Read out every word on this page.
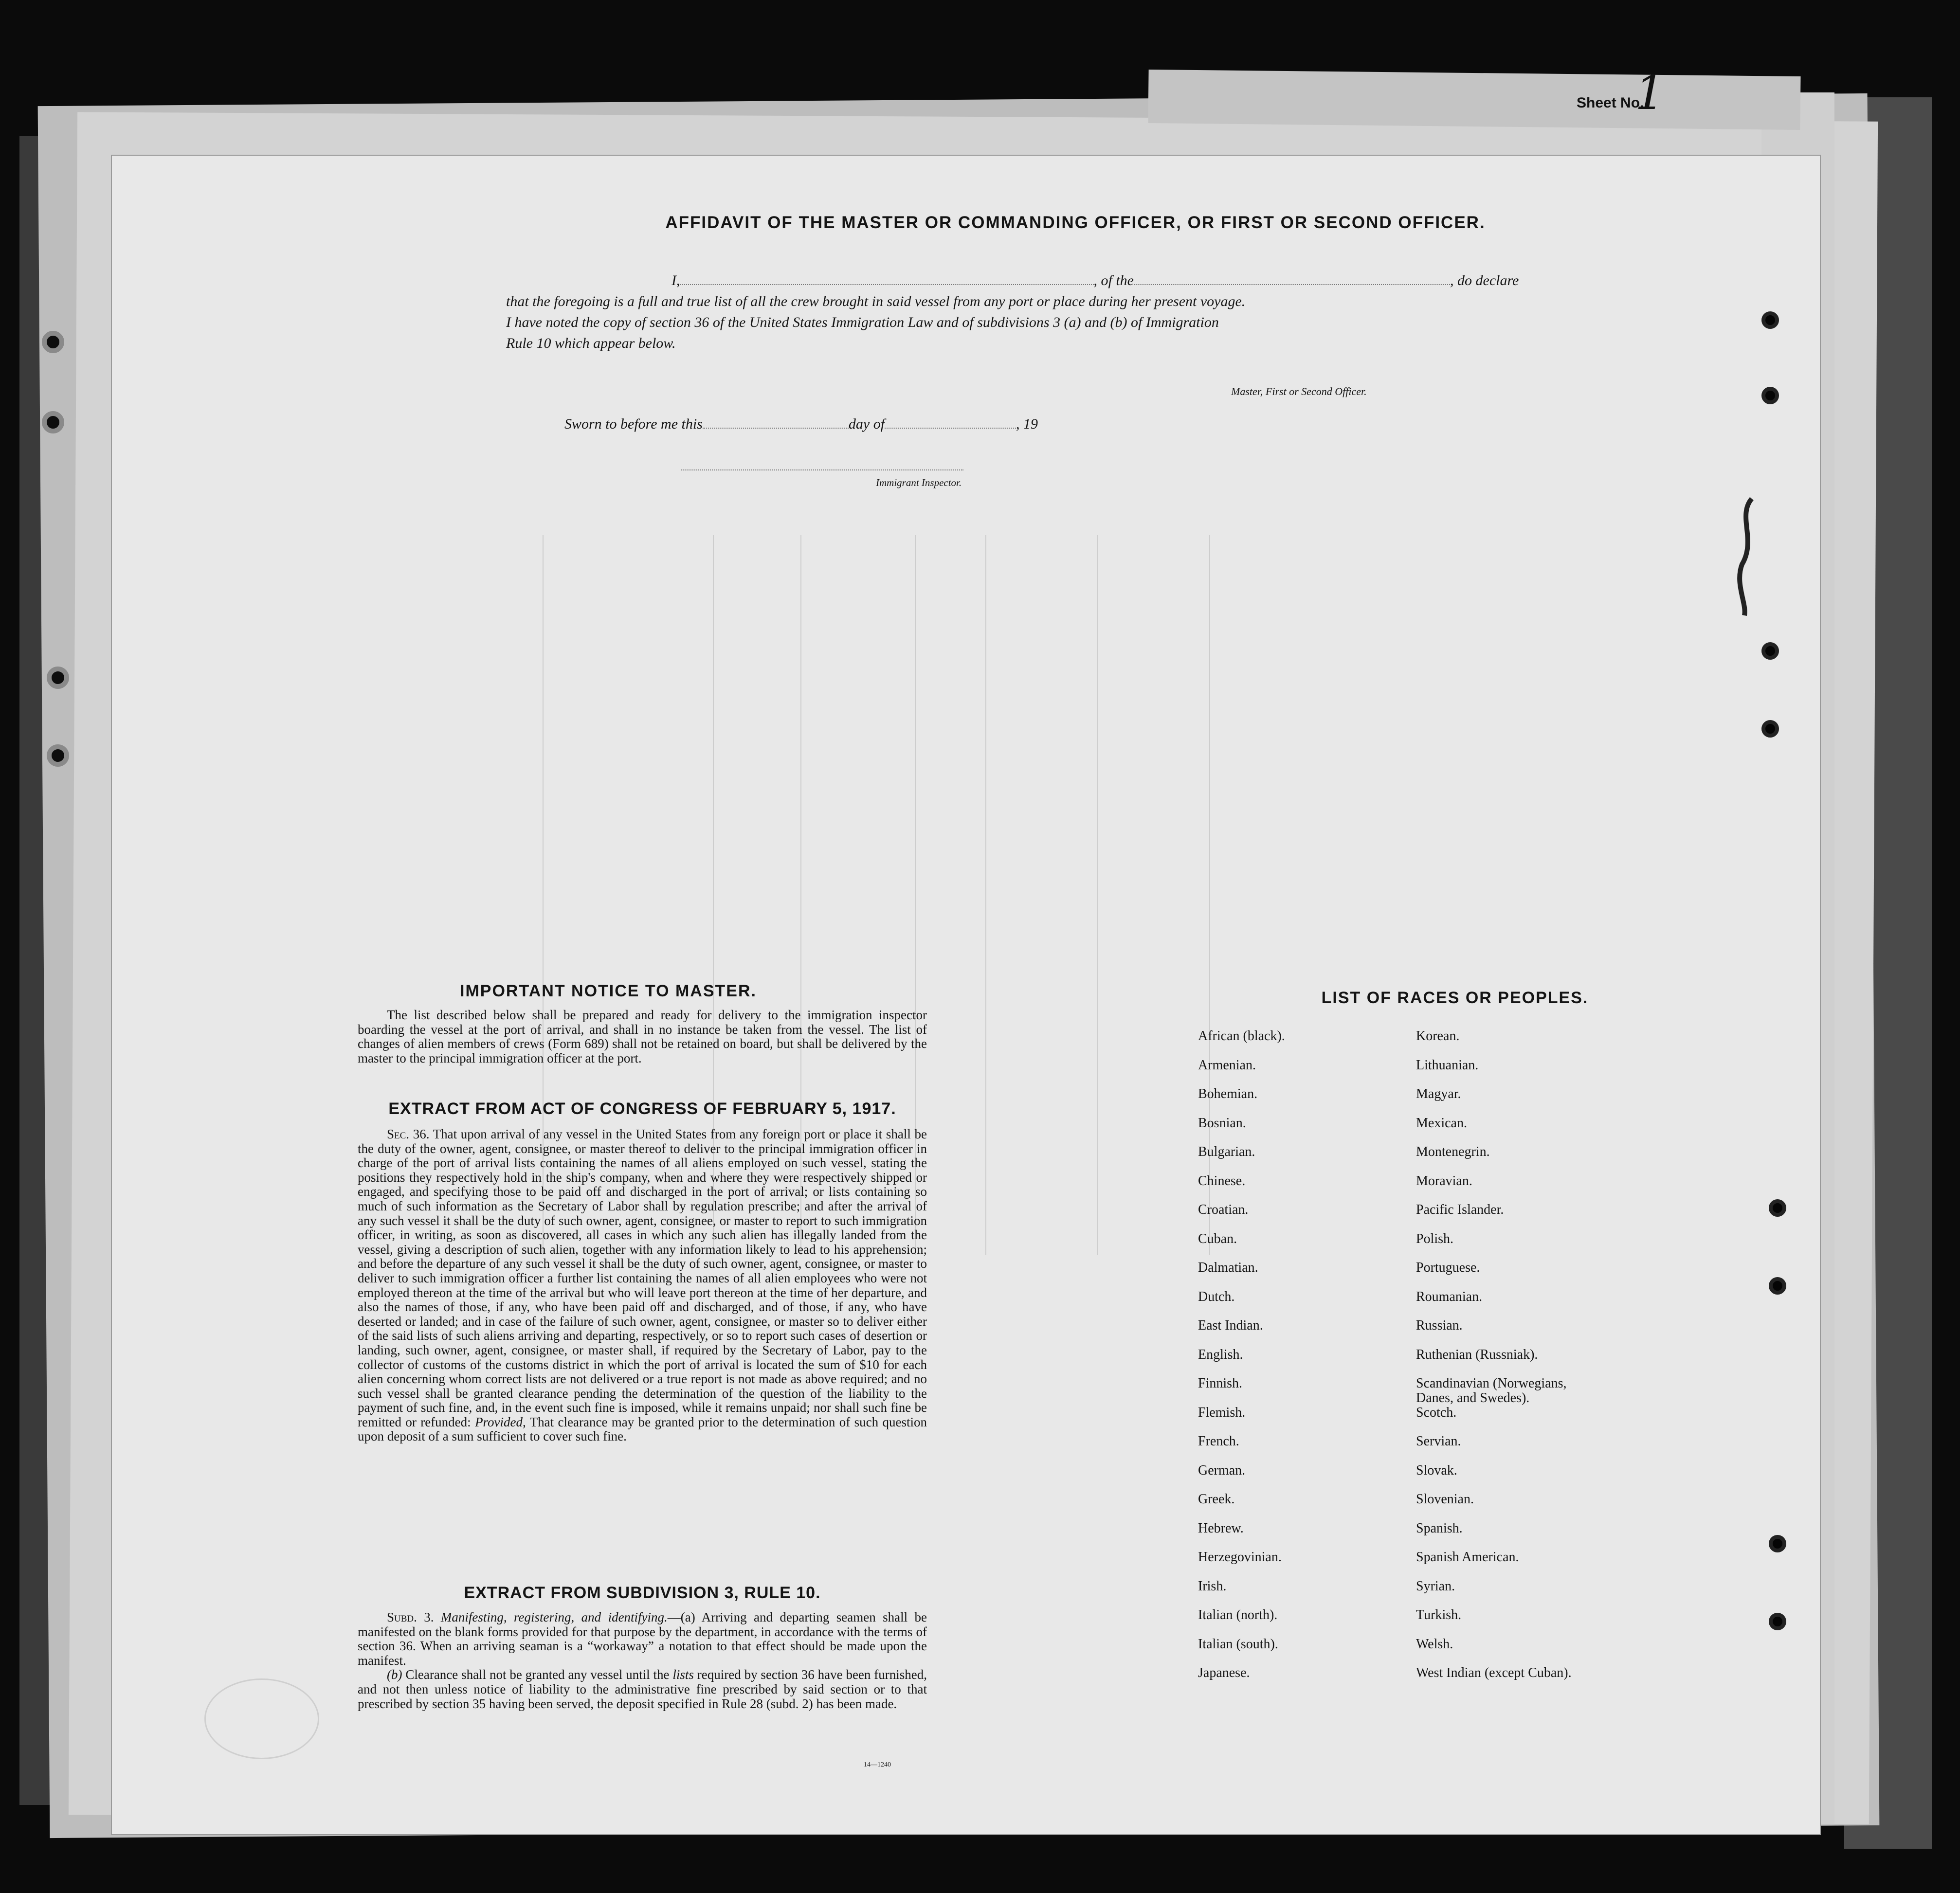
Sheet No.
1
AFFIDAVIT OF THE MASTER OR COMMANDING OFFICER, OR FIRST OR SECOND OFFICER.
I,	, of the	, do declare
that the foregoing is a full and true list of all the crew brought in said vessel from any port or place during her present voyage.
I have noted the copy of section 36 of the United States Immigration Law and of subdivisions 3 (a) and (b) of Immigration
Rule 10 which appear below.
Master, First or Second Officer.
Sworn to before me this	day of	, 19
Immigrant Inspector.
IMPORTANT NOTICE TO MASTER.

The list described below shall be prepared and ready for delivery to the immigration inspector boarding the vessel at the port of arrival, and shall in no instance be taken from the vessel. The list of changes of alien members of crews (Form 689) shall not be retained on board, but shall be delivered by the master to the principal immigration officer at the port.

EXTRACT FROM ACT OF CONGRESS OF FEBRUARY 5, 1917.

Sec. 36. That upon arrival of any vessel in the United States from any foreign port or place it shall be the duty of the owner, agent, consignee, or master thereof to deliver to the principal immigration officer in charge of the port of arrival lists containing the names of all aliens employed on such vessel, stating the positions they respectively hold in the ship's company, when and where they were respectively shipped or engaged, and specifying those to be paid off and discharged in the port of arrival; or lists containing so much of such information as the Secretary of Labor shall by regulation prescribe; and after the arrival of any such vessel it shall be the duty of such owner, agent, consignee, or master to report to such immigration officer, in writing, as soon as discovered, all cases in which any such alien has illegally landed from the vessel, giving a description of such alien, together with any information likely to lead to his apprehension; and before the departure of any such vessel it shall be the duty of such owner, agent, consignee, or master to deliver to such immigration officer a further list containing the names of all alien employees who were not employed thereon at the time of the arrival but who will leave port thereon at the time of her departure, and also the names of those, if any, who have been paid off and discharged, and of those, if any, who have deserted or landed; and in case of the failure of such owner, agent, consignee, or master so to deliver either of the said lists of such aliens arriving and departing, respectively, or so to report such cases of desertion or landing, such owner, agent, consignee, or master shall, if required by the Secretary of Labor, pay to the collector of customs of the customs district in which the port of arrival is located the sum of $10 for each alien concerning whom correct lists are not delivered or a true report is not made as above required; and no such vessel shall be granted clearance pending the determination of the question of the liability to the payment of such fine, and, in the event such fine is imposed, while it remains unpaid; nor shall such fine be remitted or refunded: Provided, That clearance may be granted prior to the determination of such question upon deposit of a sum sufficient to cover such fine.

EXTRACT FROM SUBDIVISION 3, RULE 10.

Subd. 3. Manifesting, registering, and identifying.—(a) Arriving and departing seamen shall be manifested on the blank forms provided for that purpose by the department, in accordance with the terms of section 36. When an arriving seaman is a “workaway” a notation to that effect should be made upon the manifest.

(b) Clearance shall not be granted any vessel until the lists required by section 36 have been furnished, and not then unless notice of liability to the administrative fine prescribed by said section or to that prescribed by section 35 having been served, the deposit specified in Rule 28 (subd. 2) has been made.

14—1240
LIST OF RACES OR PEOPLES.
African (black).
Armenian.
Bohemian.
Bosnian.
Bulgarian.
Chinese.
Croatian.
Cuban.
Dalmatian.
Dutch.
East Indian.
English.
Finnish.
Flemish.
French.
German.
Greek.
Hebrew.
Herzegovinian.
Irish.
Italian (north).
Italian (south).
Japanese.
Korean.
Lithuanian.
Magyar.
Mexican.
Montenegrin.
Moravian.
Pacific Islander.
Polish.
Portuguese.
Roumanian.
Russian.
Ruthenian (Russniak).
Scandinavian (Norwegians,
Danes, and Swedes).
Scotch.
Servian.
Slovak.
Slovenian.
Spanish.
Spanish American.
Syrian.
Turkish.
Welsh.
West Indian (except Cuban).
